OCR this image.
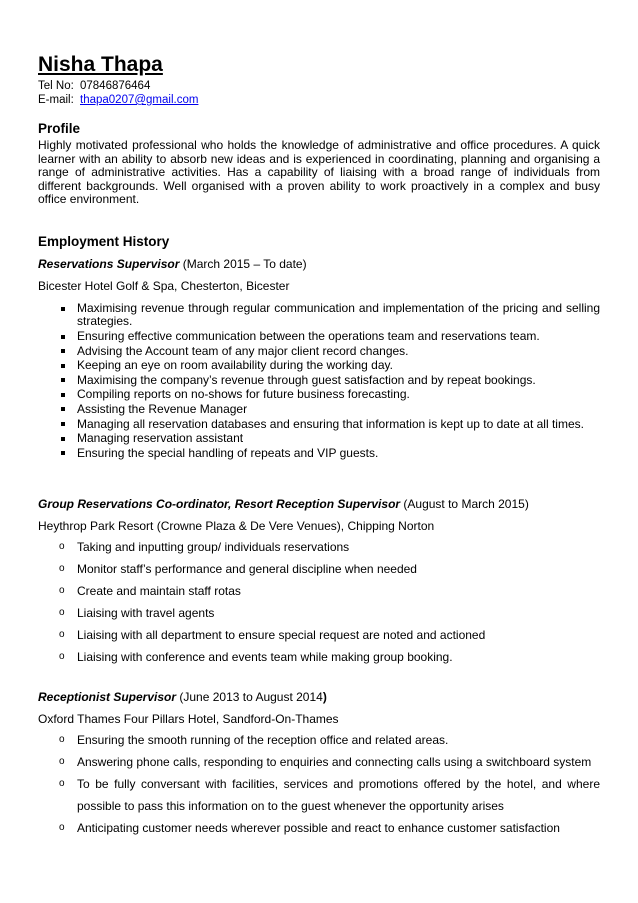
Nisha Thapa
Tel No: 07846876464
E-mail: thapa0207@gmail.com
Profile

Highly motivated professional who holds the knowledge of administrative and office procedures. A quick learner with an ability to absorb new ideas and is experienced in coordinating, planning and organising a range of administrative activities. Has a capability of liaising with a broad range of individuals from different backgrounds. Well organised with a proven ability to work proactively in a complex and busy office environment.

Employment History
Reservations Supervisor (March 2015 – To date)
Bicester Hotel Golf & Spa, Chesterton, Bicester
Maximising revenue through regular communication and implementation of the pricing and selling strategies.
Ensuring effective communication between the operations team and reservations team.
Advising the Account team of any major client record changes.
Keeping an eye on room availability during the working day.
Maximising the company’s revenue through guest satisfaction and by repeat bookings.
Compiling reports on no-shows for future business forecasting.
Assisting the Revenue Manager
Managing all reservation databases and ensuring that information is kept up to date at all times.
Managing reservation assistant
Ensuring the special handling of repeats and VIP guests.
Group Reservations Co-ordinator, Resort Reception Supervisor (August to March 2015)
Heythrop Park Resort (Crowne Plaza & De Vere Venues), Chipping Norton
o Taking and inputting group/ individuals reservations
o Monitor staff’s performance and general discipline when needed
o Create and maintain staff rotas
o Liaising with travel agents
o Liaising with all department to ensure special request are noted and actioned
o Liaising with conference and events team while making group booking.
Receptionist Supervisor (June 2013 to August 2014)
Oxford Thames Four Pillars Hotel, Sandford-On-Thames
o Ensuring the smooth running of the reception office and related areas.
o Answering phone calls, responding to enquiries and connecting calls using a switchboard system
o To be fully conversant with facilities, services and promotions offered by the hotel, and where possible to pass this information on to the guest whenever the opportunity arises
o Anticipating customer needs wherever possible and react to enhance customer satisfaction
